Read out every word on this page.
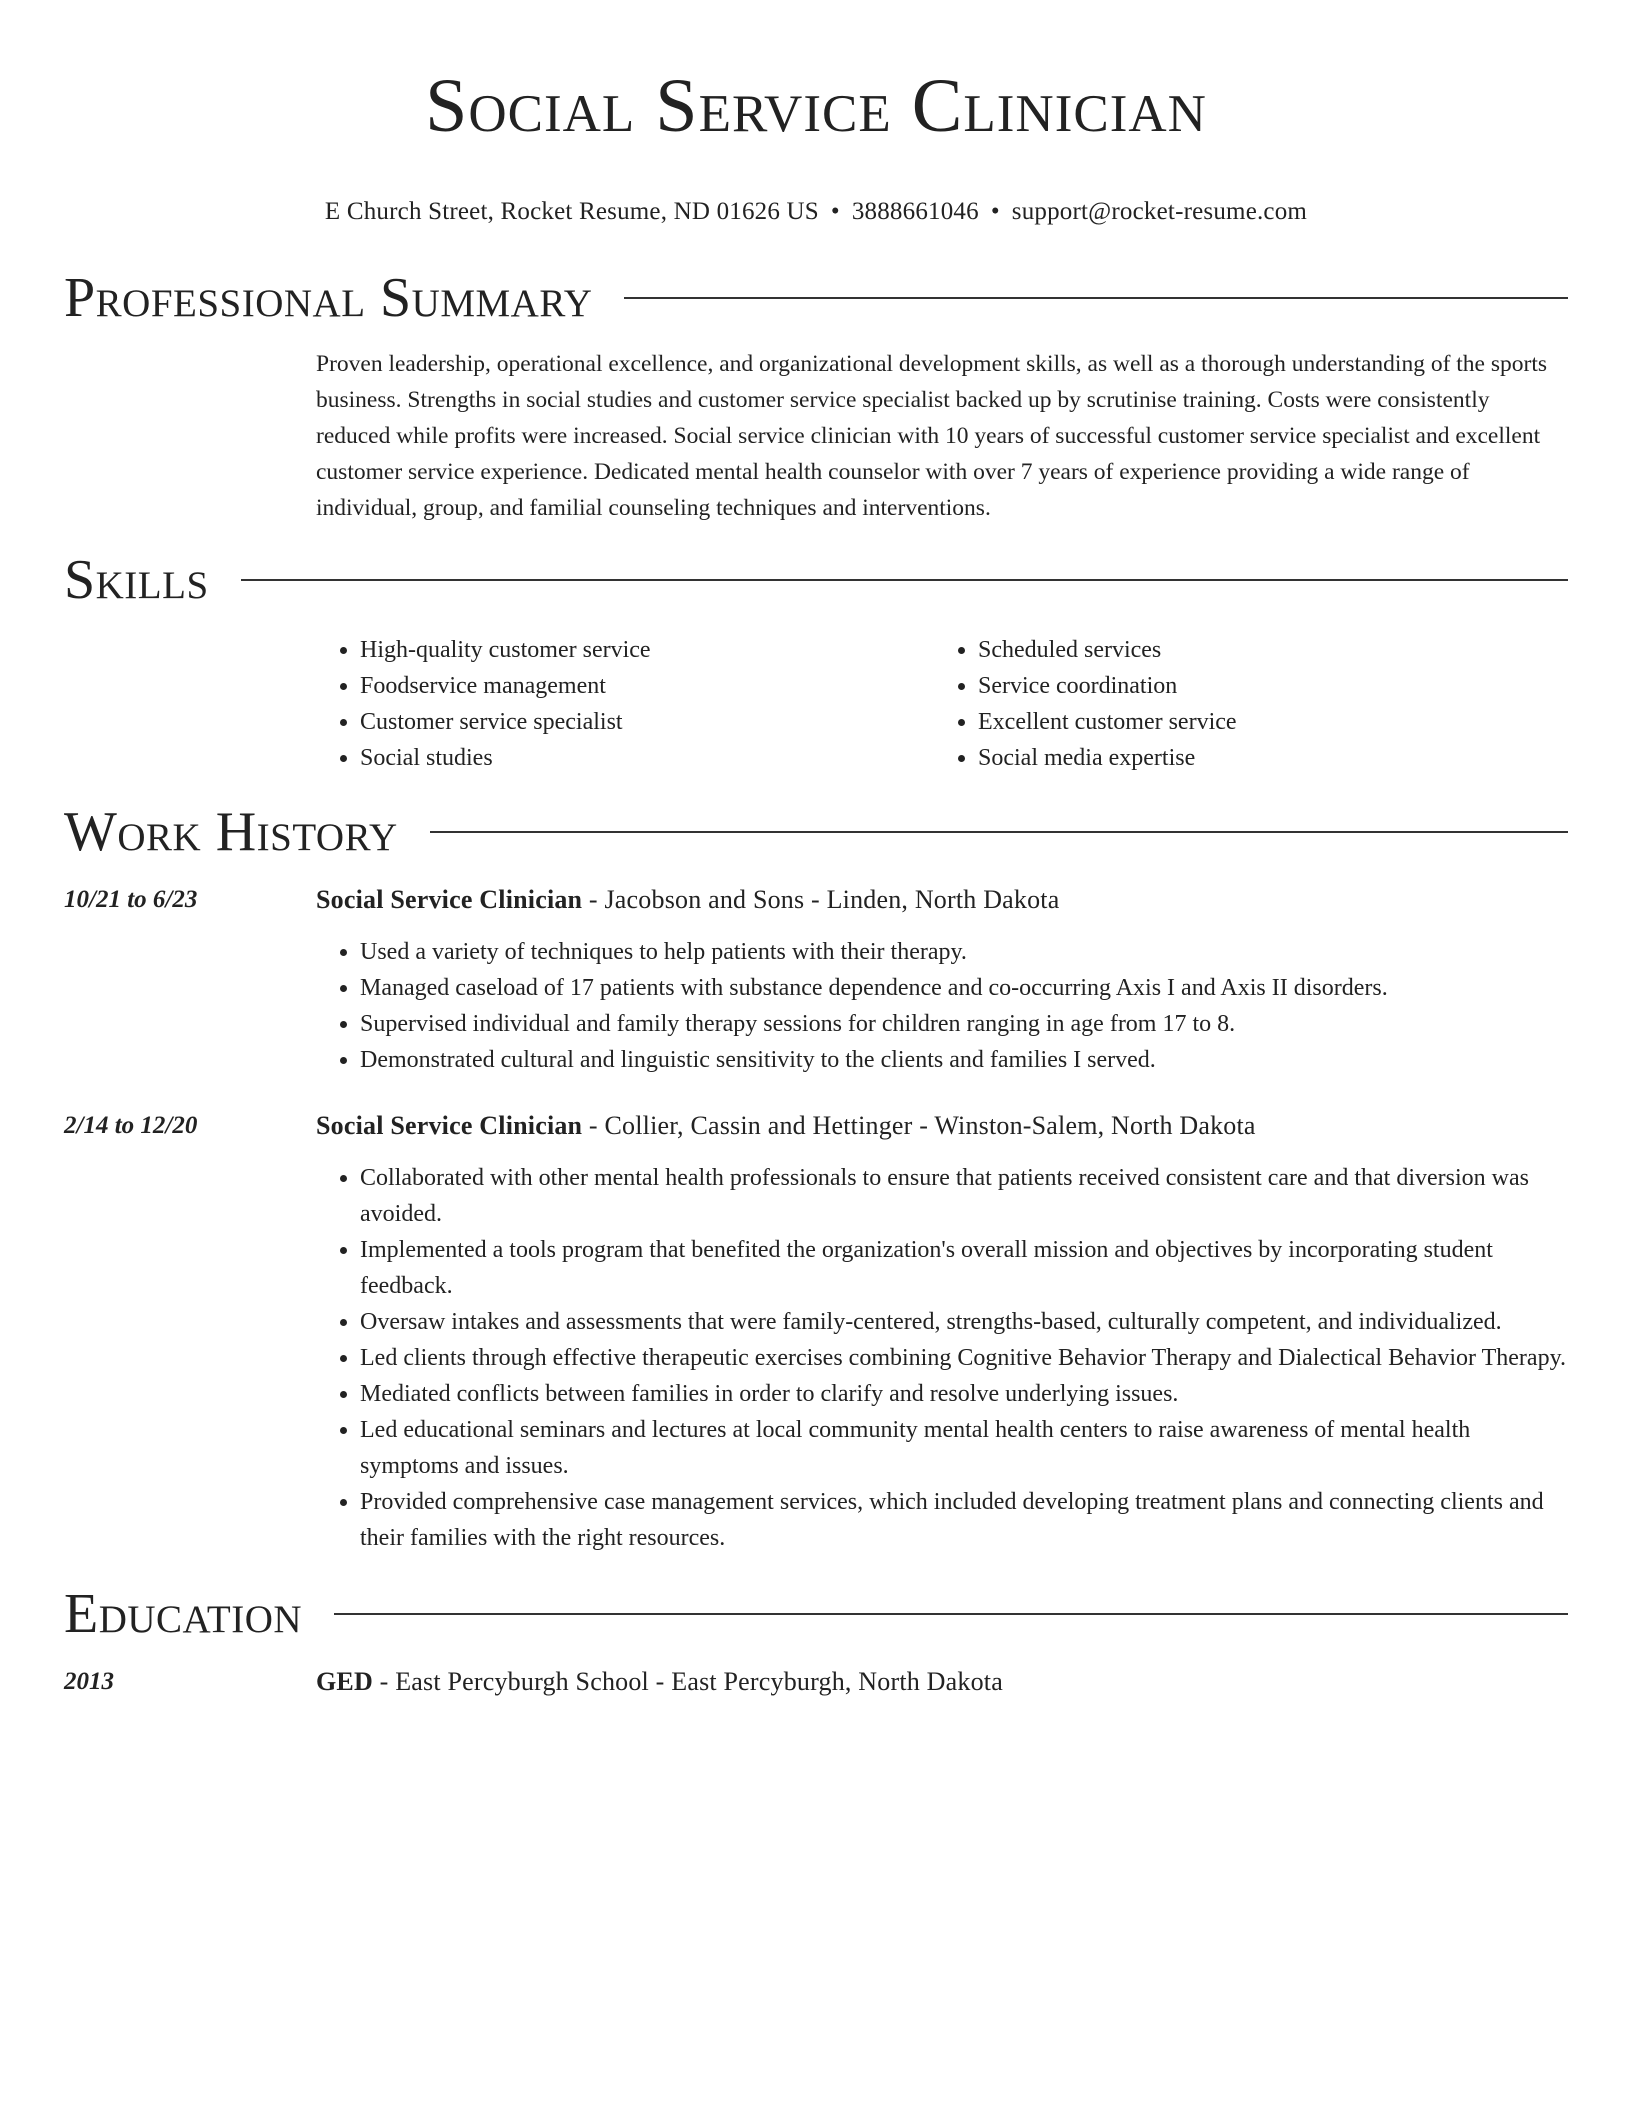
Social Service Clinician
E Church Street, Rocket Resume, ND 01626 US • 3888661046 • support@rocket-resume.com
Professional Summary
Proven leadership, operational excellence, and organizational development skills, as well as a thorough understanding of the sports business. Strengths in social studies and customer service specialist backed up by scrutinise training. Costs were consistently reduced while profits were increased. Social service clinician with 10 years of successful customer service specialist and excellent customer service experience. Dedicated mental health counselor with over 7 years of experience providing a wide range of individual, group, and familial counseling techniques and interventions.
Skills
• High-quality customer service
• Foodservice management
• Customer service specialist
• Social studies
• Scheduled services
• Service coordination
• Excellent customer service
• Social media expertise
Work History
10/21 to 6/23	Social Service Clinician - Jacobson and Sons - Linden, North Dakota
• Used a variety of techniques to help patients with their therapy.
• Managed caseload of 17 patients with substance dependence and co-occurring Axis I and Axis II disorders.
• Supervised individual and family therapy sessions for children ranging in age from 17 to 8.
• Demonstrated cultural and linguistic sensitivity to the clients and families I served.
2/14 to 12/20	Social Service Clinician - Collier, Cassin and Hettinger - Winston-Salem, North Dakota
• Collaborated with other mental health professionals to ensure that patients received consistent care and that diversion was avoided.
• Implemented a tools program that benefited the organization's overall mission and objectives by incorporating student feedback.
• Oversaw intakes and assessments that were family-centered, strengths-based, culturally competent, and individualized.
• Led clients through effective therapeutic exercises combining Cognitive Behavior Therapy and Dialectical Behavior Therapy.
• Mediated conflicts between families in order to clarify and resolve underlying issues.
• Led educational seminars and lectures at local community mental health centers to raise awareness of mental health symptoms and issues.
• Provided comprehensive case management services, which included developing treatment plans and connecting clients and their families with the right resources.
Education
2013	GED - East Percyburgh School - East Percyburgh, North Dakota
